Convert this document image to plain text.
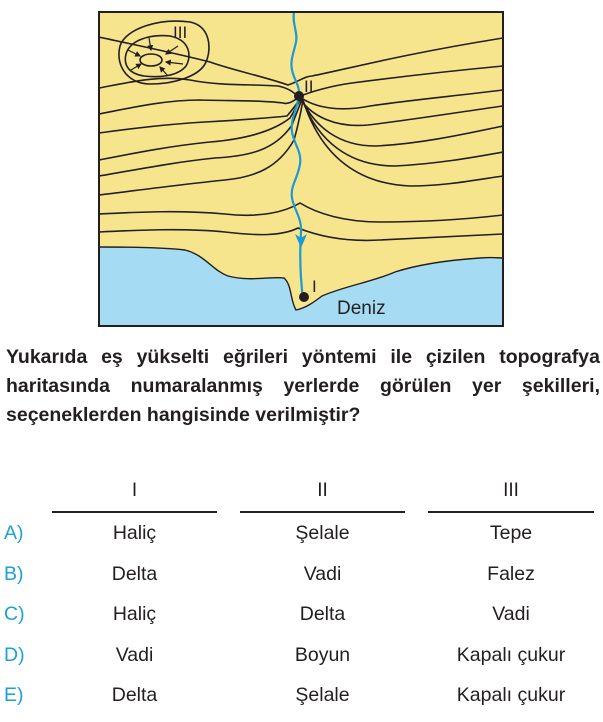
III
II
I
Deniz

Yukarıda eş yükselti eğrileri yöntemi ile çizilen topografya haritasında numaralanmış yerlerde görülen yer şekilleri, seçeneklerden hangisinde verilmiştir?

I	II	III
A)	Haliç	Şelale	Tepe
B)	Delta	Vadi	Falez
C)	Haliç	Delta	Vadi
D)	Vadi	Boyun	Kapalı çukur
E)	Delta	Şelale	Kapalı çukur
